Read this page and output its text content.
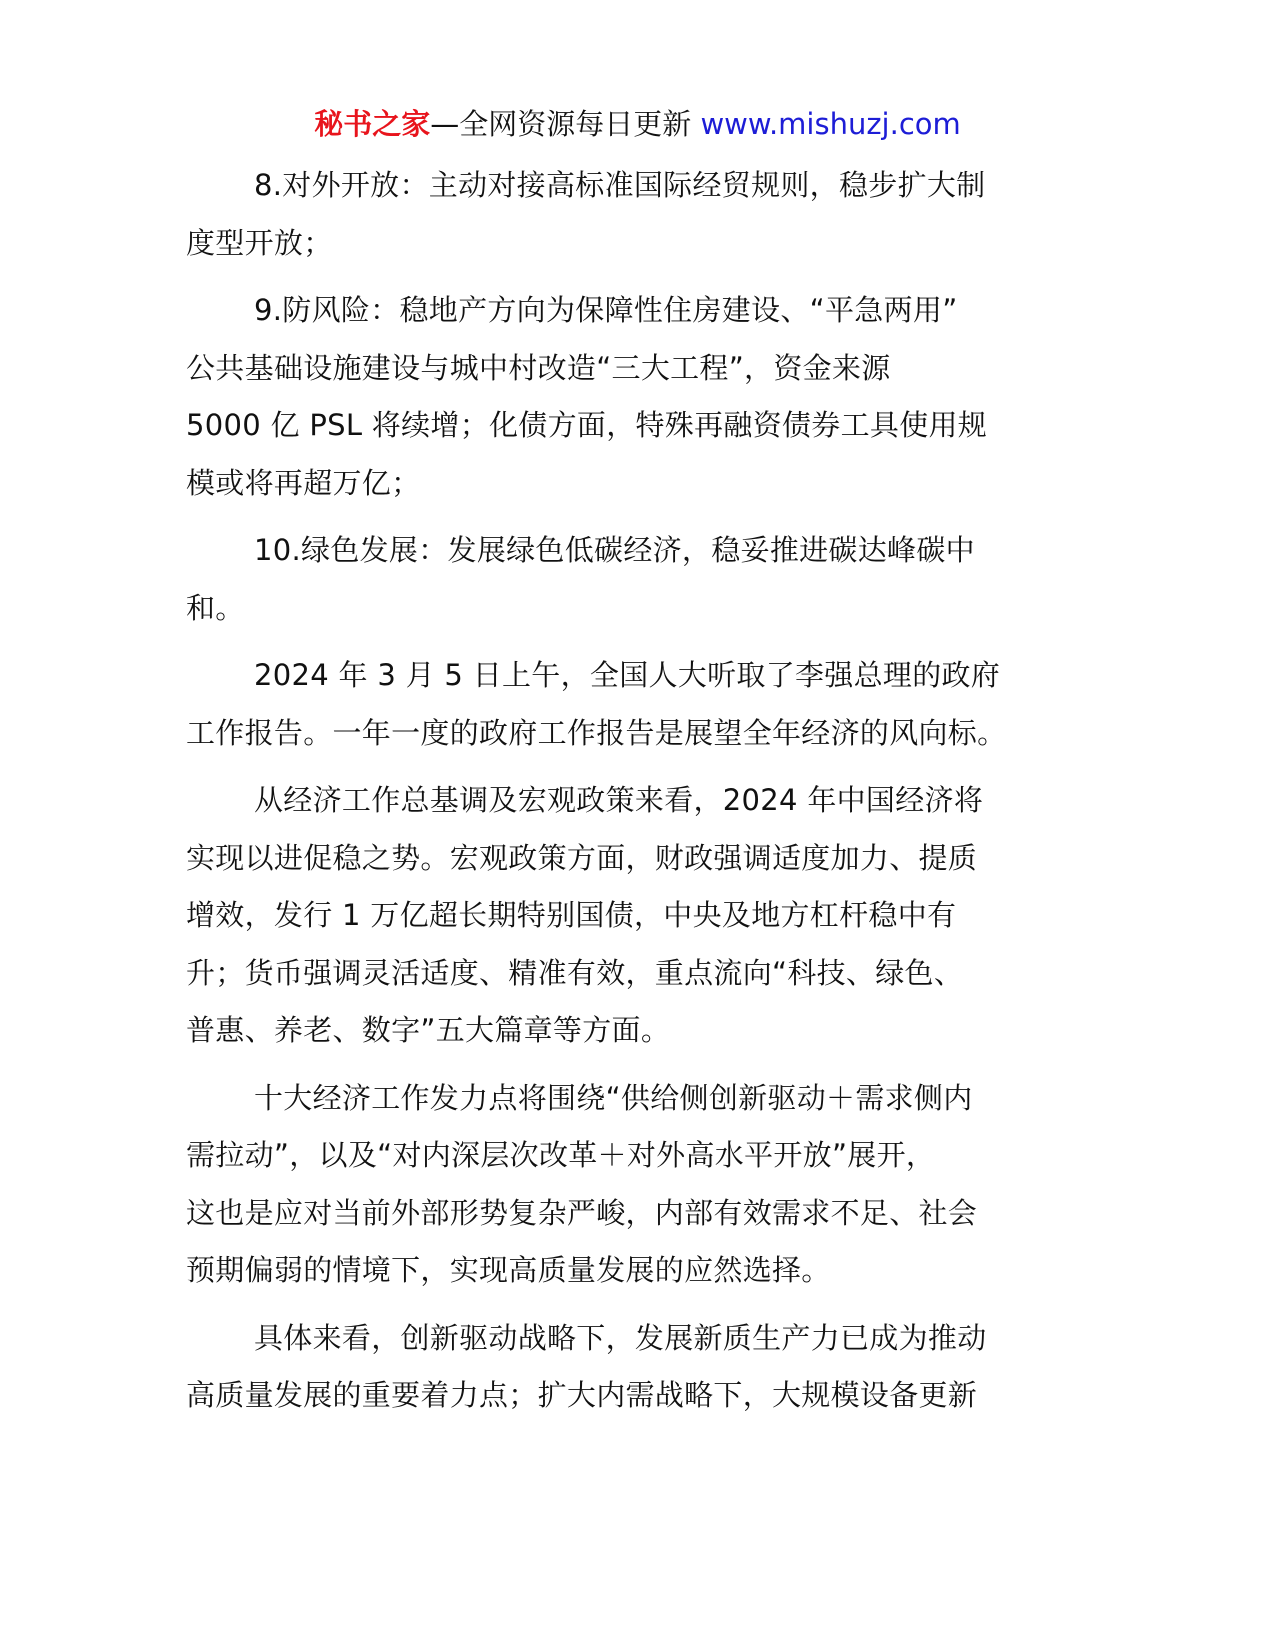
秘书之家—全网资源每日更新 www.mishuzj.com

8.对外开放：主动对接高标准国际经贸规则，稳步扩大制
度型开放；

9.防风险：稳地产方向为保障性住房建设、“平急两用”
公共基础设施建设与城中村改造“三大工程”，资金来源
5000 亿 PSL 将续增；化债方面，特殊再融资债券工具使用规
模或将再超万亿；

10.绿色发展：发展绿色低碳经济，稳妥推进碳达峰碳中
和。

2024 年 3 月 5 日上午，全国人大听取了李强总理的政府
工作报告。一年一度的政府工作报告是展望全年经济的风向标。

从经济工作总基调及宏观政策来看，2024 年中国经济将
实现以进促稳之势。宏观政策方面，财政强调适度加力、提质
增效，发行 1 万亿超长期特别国债，中央及地方杠杆稳中有
升；货币强调灵活适度、精准有效，重点流向“科技、绿色、
普惠、养老、数字”五大篇章等方面。

十大经济工作发力点将围绕“供给侧创新驱动＋需求侧内
需拉动”，以及“对内深层次改革＋对外高水平开放”展开，
这也是应对当前外部形势复杂严峻，内部有效需求不足、社会
预期偏弱的情境下，实现高质量发展的应然选择。

具体来看，创新驱动战略下，发展新质生产力已成为推动
高质量发展的重要着力点；扩大内需战略下，大规模设备更新
